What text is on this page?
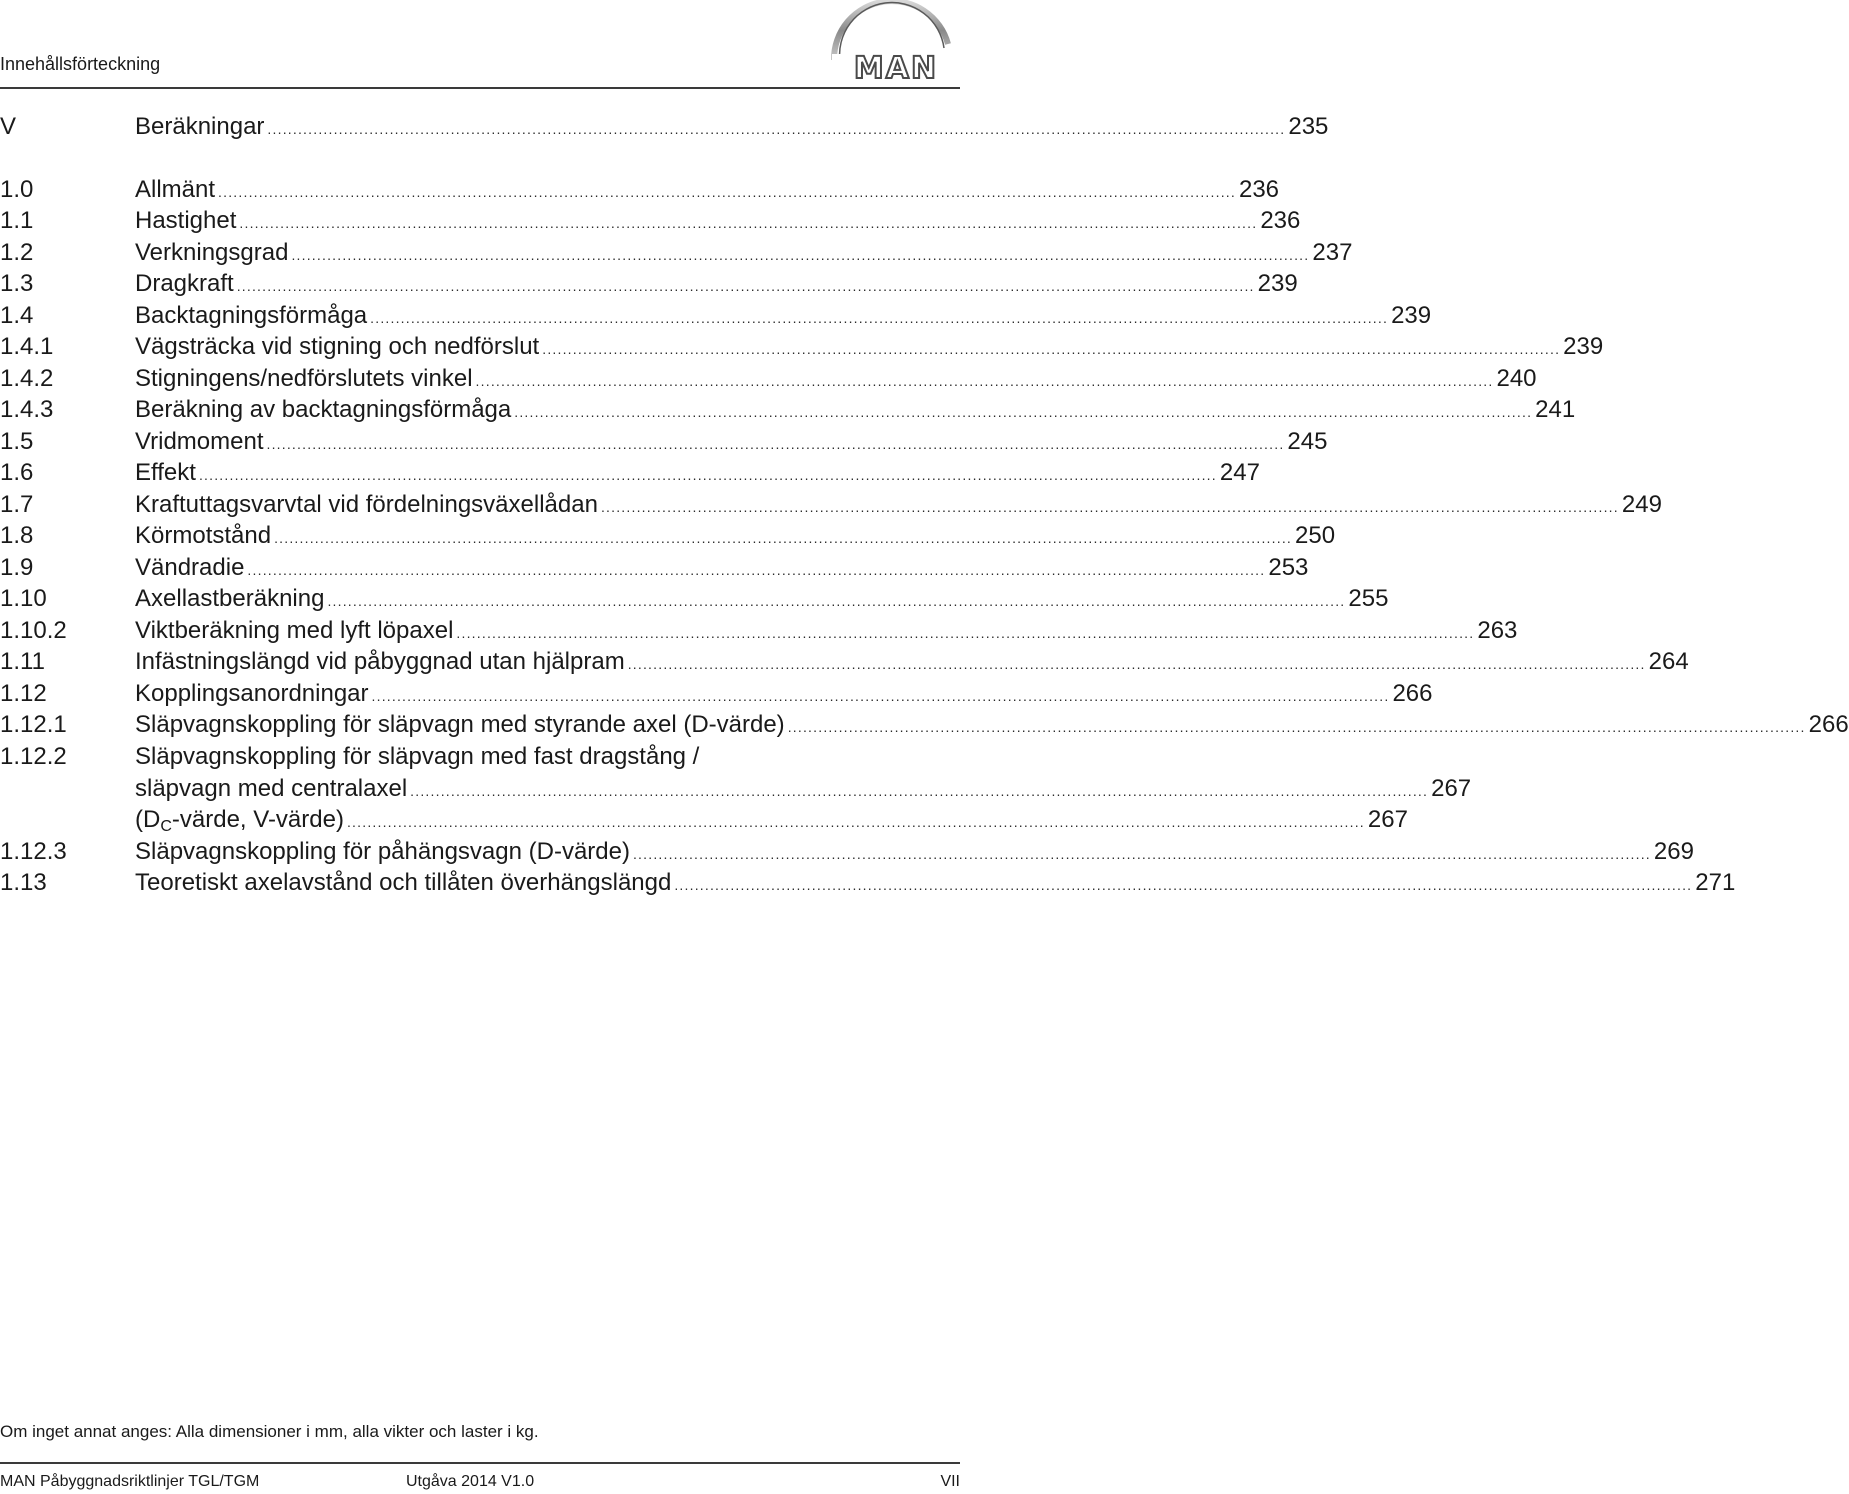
Innehållsförteckning	MAN
V	Beräkningar ........................................................................................................................................................................................................ 235
1.0	Allmänt ........................................................................................................................................................................................................ 236
1.1	Hastighet ........................................................................................................................................................................................................ 236
1.2	Verkningsgrad ........................................................................................................................................................................................................ 237
1.3	Dragkraft ........................................................................................................................................................................................................ 239
1.4	Backtagningsförmåga ........................................................................................................................................................................................................ 239
1.4.1	Vägsträcka vid stigning och nedförslut ........................................................................................................................................................................................................ 239
1.4.2	Stigningens/nedförslutets vinkel ........................................................................................................................................................................................................ 240
1.4.3	Beräkning av backtagningsförmåga ........................................................................................................................................................................................................ 241
1.5	Vridmoment ........................................................................................................................................................................................................ 245
1.6	Effekt ........................................................................................................................................................................................................ 247
1.7	Kraftuttagsvarvtal vid fördelningsväxellådan ........................................................................................................................................................................................................ 249
1.8	Körmotstånd ........................................................................................................................................................................................................ 250
1.9	Vändradie ........................................................................................................................................................................................................ 253
1.10	Axellastberäkning ........................................................................................................................................................................................................ 255
1.10.2	Viktberäkning med lyft löpaxel ........................................................................................................................................................................................................ 263
1.11	Infästningslängd vid påbyggnad utan hjälpram ........................................................................................................................................................................................................ 264
1.12	Kopplingsanordningar ........................................................................................................................................................................................................ 266
1.12.1	Släpvagnskoppling för släpvagn med styrande axel (D-värde) ........................................................................................................................................................................................................ 266
1.12.2	Släpvagnskoppling för släpvagn med fast dragstång /
släpvagn med centralaxel ........................................................................................................................................................................................................ 267
($D_C$-värde, V-värde) ........................................................................................................................................................................................................ 267
1.12.3	Släpvagnskoppling för påhängsvagn (D-värde) ........................................................................................................................................................................................................ 269
1.13	Teoretiskt axelavstånd och tillåten överhängslängd ........................................................................................................................................................................................................ 271
Om inget annat anges: Alla dimensioner i mm, alla vikter och laster i kg.
MAN Påbyggnadsriktlinjer TGL/TGM	Utgåva 2014 V1.0	VII
